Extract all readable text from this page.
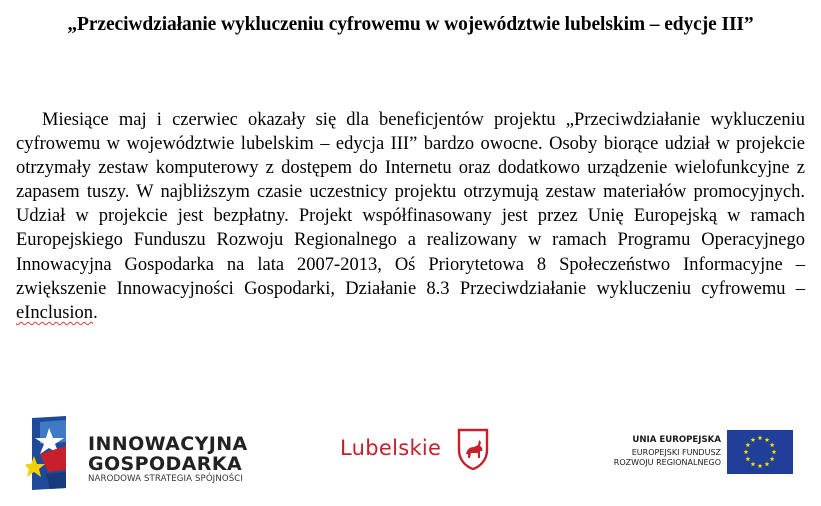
„Przeciwdziałanie wykluczeniu cyfrowemu w województwie lubelskim – edycje III”

Miesiące maj i czerwiec okazały się dla beneficjentów projektu „Przeciwdziałanie wykluczeniu cyfrowemu w województwie lubelskim – edycja III” bardzo owocne. Osoby biorące udział w projekcie otrzymały zestaw komputerowy z dostępem do Internetu oraz dodatkowo urządzenie wielofunkcyjne z zapasem tuszy. W najbliższym czasie uczestnicy projektu otrzymują zestaw materiałów promocyjnych. Udział w projekcie jest bezpłatny. Projekt współfinasowany jest przez Unię Europejską w ramach Europejskiego Funduszu Rozwoju Regionalnego a realizowany w ramach Programu Operacyjnego Innowacyjna Gospodarka na lata 2007-2013, Oś Priorytetowa 8 Społeczeństwo Informacyjne – zwiększenie Innowacyjności Gospodarki, Działanie 8.3 Przeciwdziałanie wykluczeniu cyfrowemu – eInclusion.

INNOWACYJNA
GOSPODARKA
NARODOWA STRATEGIA SPÓJNOŚCI
Lubelskie	UNIA EUROPEJSKA
EUROPEJSKI FUNDUSZ
ROZWOJU REGIONALNEGO
